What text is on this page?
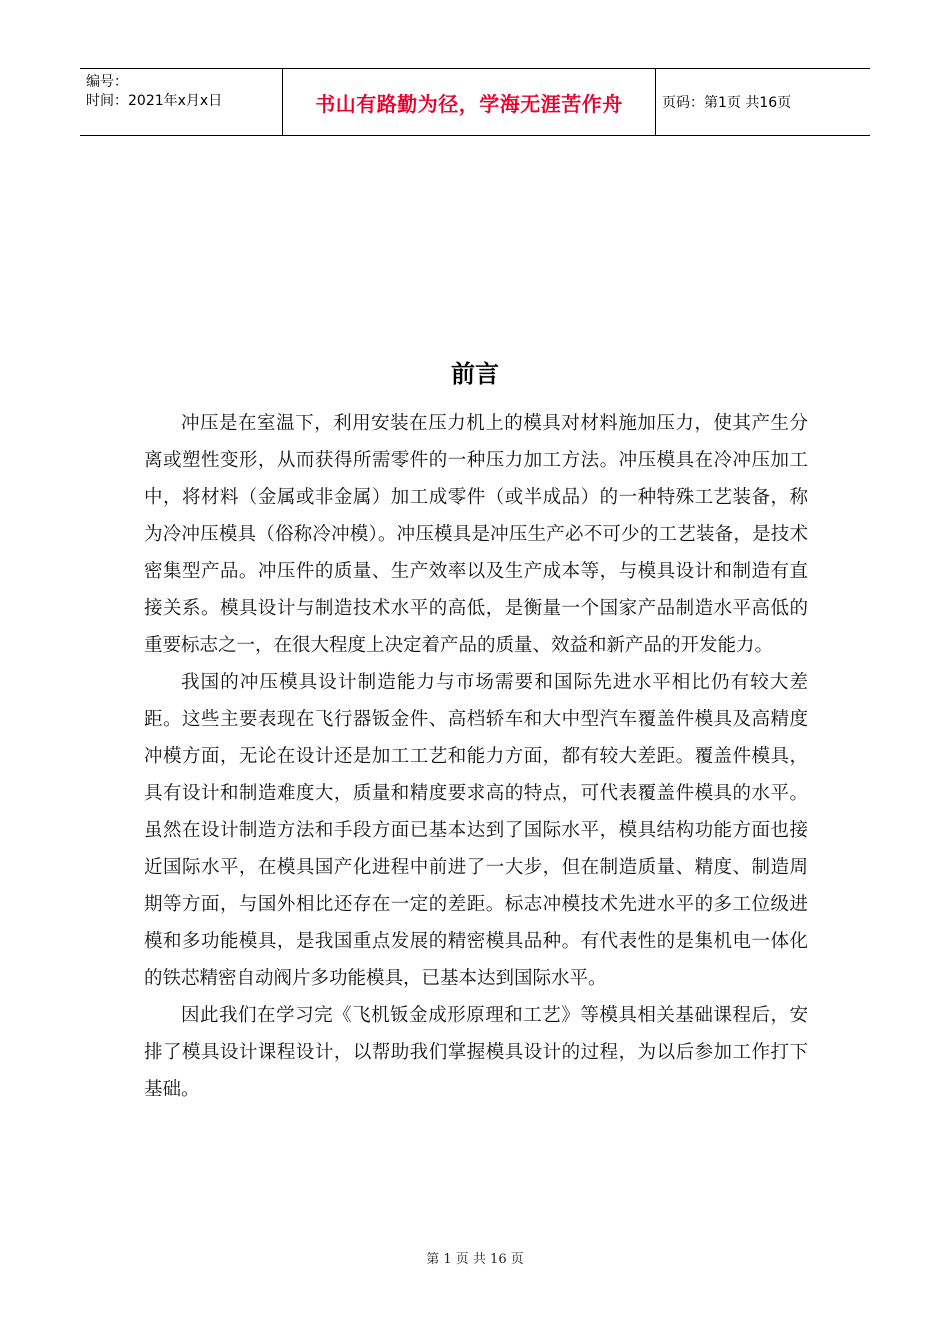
编号：
时间：2021年x月x日	书山有路勤为径，学海无涯苦作舟	页码：第1页 共16页
前言

冲压是在室温下，利用安装在压力机上的模具对材料施加压力，使其产生分离或塑性变形，从而获得所需零件的一种压力加工方法。冲压模具在冷冲压加工中，将材料（金属或非金属）加工成零件（或半成品）的一种特殊工艺装备，称为冷冲压模具（俗称冷冲模）。冲压模具是冲压生产必不可少的工艺装备，是技术密集型产品。冲压件的质量、生产效率以及生产成本等，与模具设计和制造有直接关系。模具设计与制造技术水平的高低，是衡量一个国家产品制造水平高低的重要标志之一，在很大程度上决定着产品的质量、效益和新产品的开发能力。

我国的冲压模具设计制造能力与市场需要和国际先进水平相比仍有较大差距。这些主要表现在飞行器钣金件、高档轿车和大中型汽车覆盖件模具及高精度冲模方面，无论在设计还是加工工艺和能力方面，都有较大差距。覆盖件模具，具有设计和制造难度大，质量和精度要求高的特点，可代表覆盖件模具的水平。虽然在设计制造方法和手段方面已基本达到了国际水平，模具结构功能方面也接近国际水平，在模具国产化进程中前进了一大步，但在制造质量、精度、制造周期等方面，与国外相比还存在一定的差距。标志冲模技术先进水平的多工位级进模和多功能模具，是我国重点发展的精密模具品种。有代表性的是集机电一体化的铁芯精密自动阀片多功能模具，已基本达到国际水平。

因此我们在学习完《飞机钣金成形原理和工艺》等模具相关基础课程后，安排了模具设计课程设计，以帮助我们掌握模具设计的过程，为以后参加工作打下基础。

第 1 页 共 16 页
